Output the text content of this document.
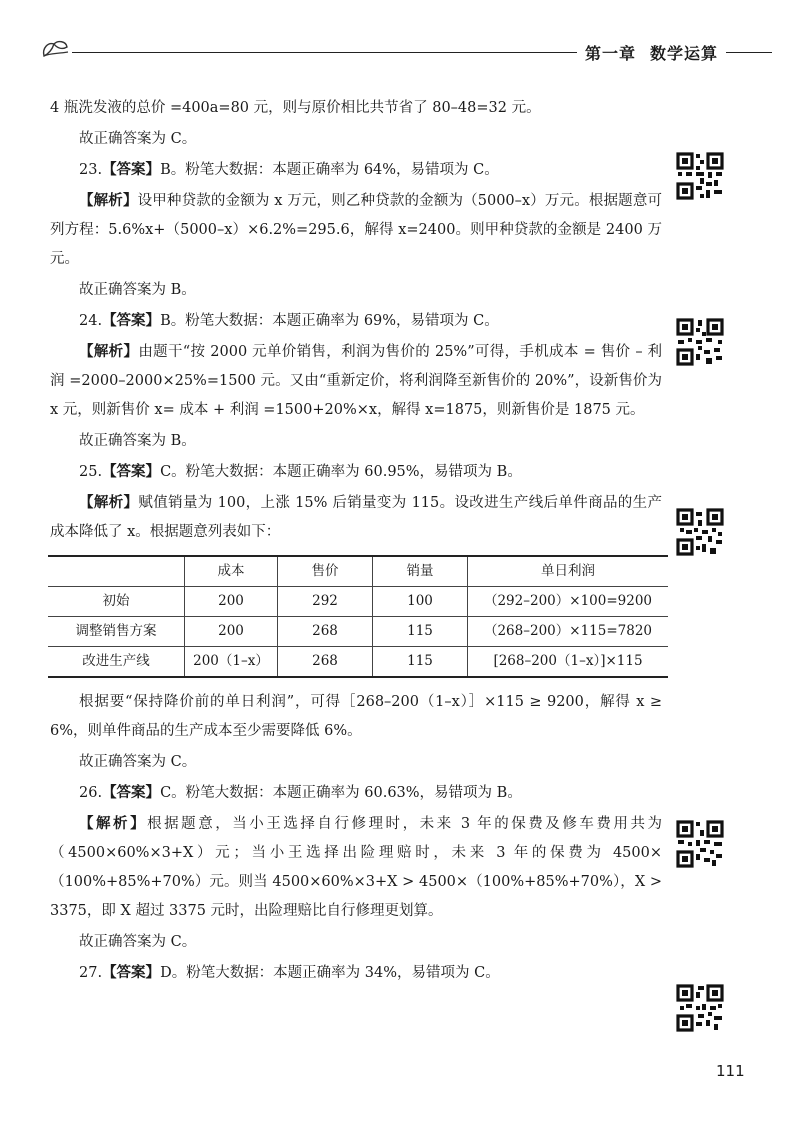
第一章 数学运算

4 瓶洗发液的总价 =400a=80 元，则与原价相比共节省了 80–48=32 元。

故正确答案为 C。

23.【答案】B。粉笔大数据：本题正确率为 64%，易错项为 C。

【解析】设甲种贷款的金额为 x 万元，则乙种贷款的金额为（5000–x）万元。根据题意可列方程：5.6%x+（5000–x）×6.2%=295.6，解得 x=2400。则甲种贷款的金额是 2400 万元。

故正确答案为 B。

24.【答案】B。粉笔大数据：本题正确率为 69%，易错项为 C。

【解析】由题干“按 2000 元单价销售，利润为售价的 25%”可得，手机成本 = 售价 – 利润 =2000–2000×25%=1500 元。又由“重新定价，将利润降至新售价的 20%”，设新售价为 x 元，则新售价 x= 成本 + 利润 =1500+20%×x，解得 x=1875，则新售价是 1875 元。

故正确答案为 B。

25.【答案】C。粉笔大数据：本题正确率为 60.95%，易错项为 B。

【解析】赋值销量为 100，上涨 15% 后销量变为 115。设改进生产线后单件商品的生产成本降低了 x。根据题意列表如下：

	成本	售价	销量	单日利润
初始	200	292	100	（292–200）×100=9200
调整销售方案	200	268	115	（268–200）×115=7820
改进生产线	200（1–x）	268	115	[268–200（1–x）]×115

根据要“保持降价前的单日利润”，可得［268–200（1–x）］×115 ≥ 9200，解得 x ≥ 6%，则单件商品的生产成本至少需要降低 6%。

故正确答案为 C。

26.【答案】C。粉笔大数据：本题正确率为 60.63%，易错项为 B。

【解析】根据题意，当小王选择自行修理时，未来 3 年的保费及修车费用共为（4500×60%×3+X）元；当小王选择出险理赔时，未来 3 年的保费为 4500×（100%+85%+70%）元。则当 4500×60%×3+X > 4500×（100%+85%+70%），X > 3375，即 X 超过 3375 元时，出险理赔比自行修理更划算。

故正确答案为 C。

27.【答案】D。粉笔大数据：本题正确率为 34%，易错项为 C。

111
